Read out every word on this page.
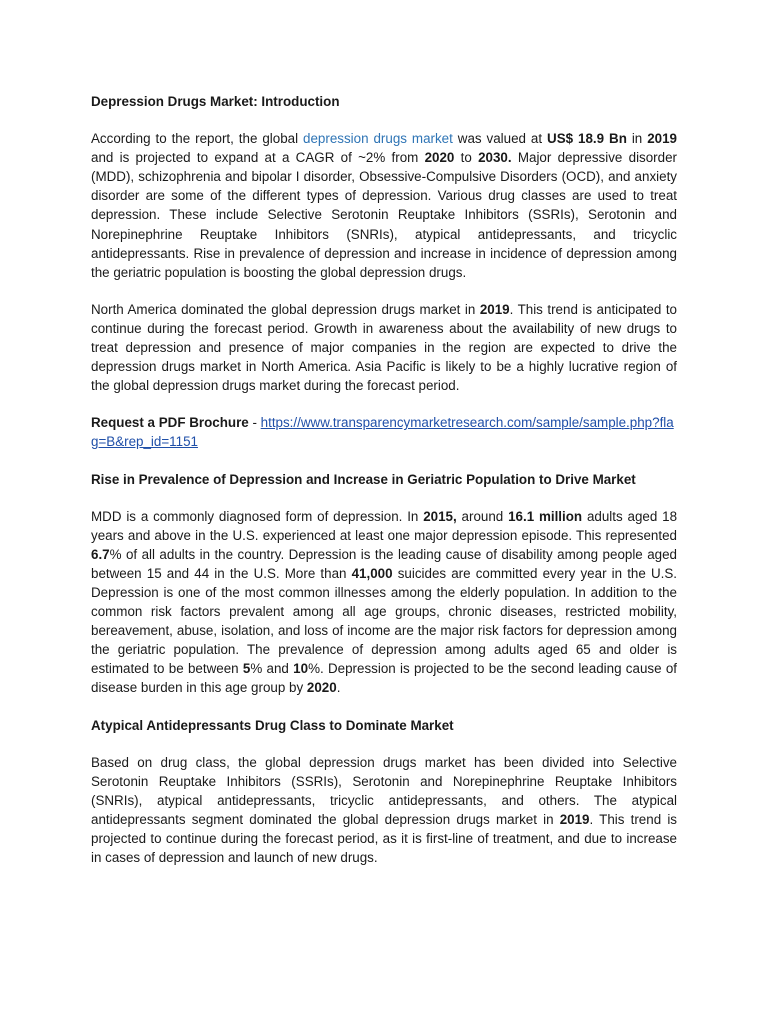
Depression Drugs Market: Introduction

According to the report, the global depression drugs market was valued at US$ 18.9 Bn in 2019 and is projected to expand at a CAGR of ~2% from 2020 to 2030. Major depressive disorder (MDD), schizophrenia and bipolar I disorder, Obsessive-Compulsive Disorders (OCD), and anxiety disorder are some of the different types of depression. Various drug classes are used to treat depression. These include Selective Serotonin Reuptake Inhibitors (SSRIs), Serotonin and Norepinephrine Reuptake Inhibitors (SNRIs), atypical antidepressants, and tricyclic antidepressants. Rise in prevalence of depression and increase in incidence of depression among the geriatric population is boosting the global depression drugs.

North America dominated the global depression drugs market in 2019. This trend is anticipated to continue during the forecast period. Growth in awareness about the availability of new drugs to treat depression and presence of major companies in the region are expected to drive the depression drugs market in North America. Asia Pacific is likely to be a highly lucrative region of the global depression drugs market during the forecast period.

Request a PDF Brochure - https://www.transparencymarketresearch.com/sample/sample.php?flag=B&rep_id=1151

Rise in Prevalence of Depression and Increase in Geriatric Population to Drive Market

MDD is a commonly diagnosed form of depression. In 2015, around 16.1 million adults aged 18 years and above in the U.S. experienced at least one major depression episode. This represented 6.7% of all adults in the country. Depression is the leading cause of disability among people aged between 15 and 44 in the U.S. More than 41,000 suicides are committed every year in the U.S. Depression is one of the most common illnesses among the elderly population. In addition to the common risk factors prevalent among all age groups, chronic diseases, restricted mobility, bereavement, abuse, isolation, and loss of income are the major risk factors for depression among the geriatric population. The prevalence of depression among adults aged 65 and older is estimated to be between 5% and 10%. Depression is projected to be the second leading cause of disease burden in this age group by 2020.

Atypical Antidepressants Drug Class to Dominate Market

Based on drug class, the global depression drugs market has been divided into Selective Serotonin Reuptake Inhibitors (SSRIs), Serotonin and Norepinephrine Reuptake Inhibitors (SNRIs), atypical antidepressants, tricyclic antidepressants, and others. The atypical antidepressants segment dominated the global depression drugs market in 2019. This trend is projected to continue during the forecast period, as it is first-line of treatment, and due to increase in cases of depression and launch of new drugs.
